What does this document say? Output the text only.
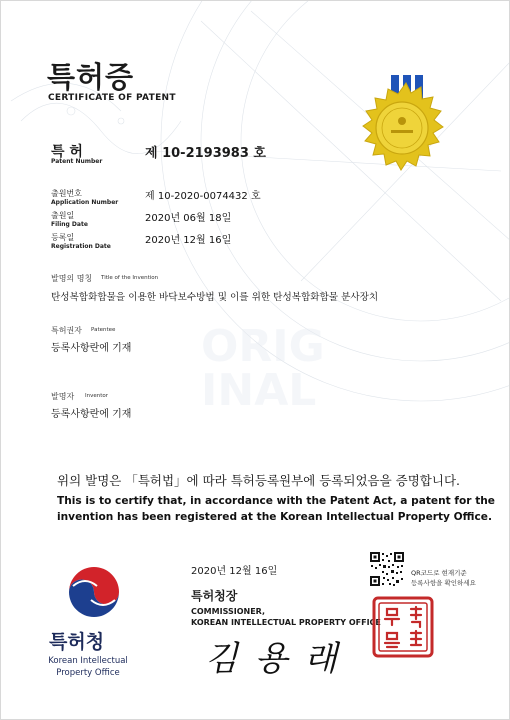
ORIG
INAL
특허증
CERTIFICATE OF PATENT
특 허
Patent Number
제 10-2193983 호
출원번호
Application Number
제 10-2020-0074432 호
출원일
Filing Date
2020년 06월 18일
등록일
Registration Date
2020년 12월 16일
발명의 명칭 Title of the Invention
탄성복합화합물을 이용한 바닥보수방법 및 이를 위한 탄성복합화합물 분사장치
특허권자 Patentee
등록사항란에 기재
발명자 Inventor
등록사항란에 기재
위의 발명은 「특허법」에 따라 특허등록원부에 등록되었음을 증명합니다.
This is to certify that, in accordance with the Patent Act, a patent for the
invention has been registered at the Korean Intellectual Property Office.
특허청
Korean Intellectual
Property Office
2020년 12월 16일
특허청장
COMMISSIONER,
KOREAN INTELLECTUAL PROPERTY OFFICE
김 용 래
QR코드로 현재기준
등록사항을 확인하세요
